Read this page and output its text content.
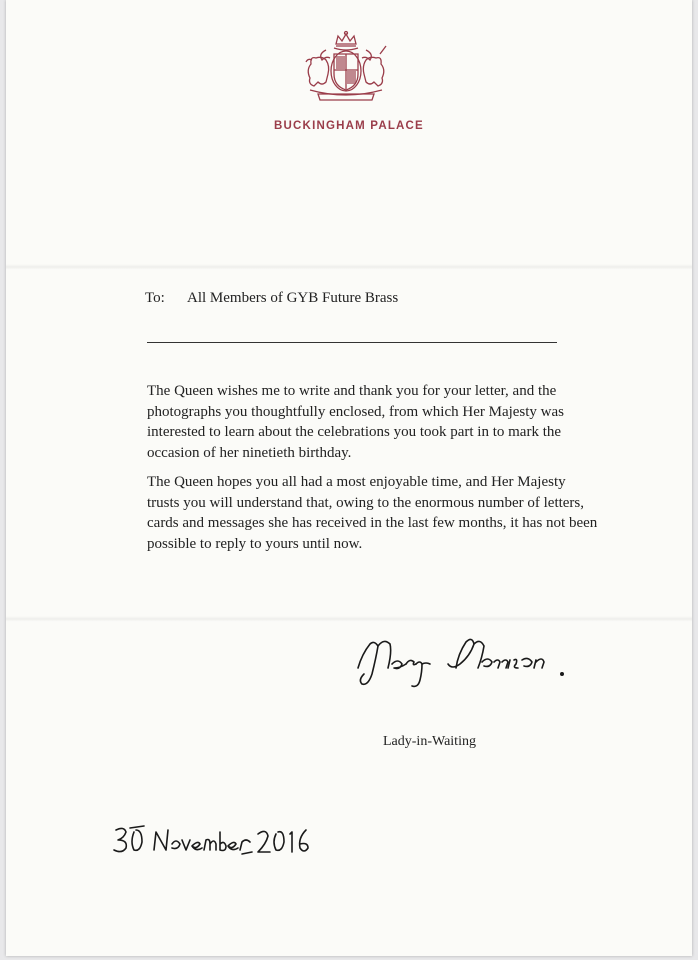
BUCKINGHAM PALACE
To: All Members of GYB Future Brass
The Queen wishes me to write and thank you for your letter, and the
photographs you thoughtfully enclosed, from which Her Majesty was
interested to learn about the celebrations you took part in to mark the
occasion of her ninetieth birthday.
The Queen hopes you all had a most enjoyable time, and Her Majesty
trusts you will understand that, owing to the enormous number of letters,
cards and messages she has received in the last few months, it has not been
possible to reply to yours until now.
Lady-in-Waiting
